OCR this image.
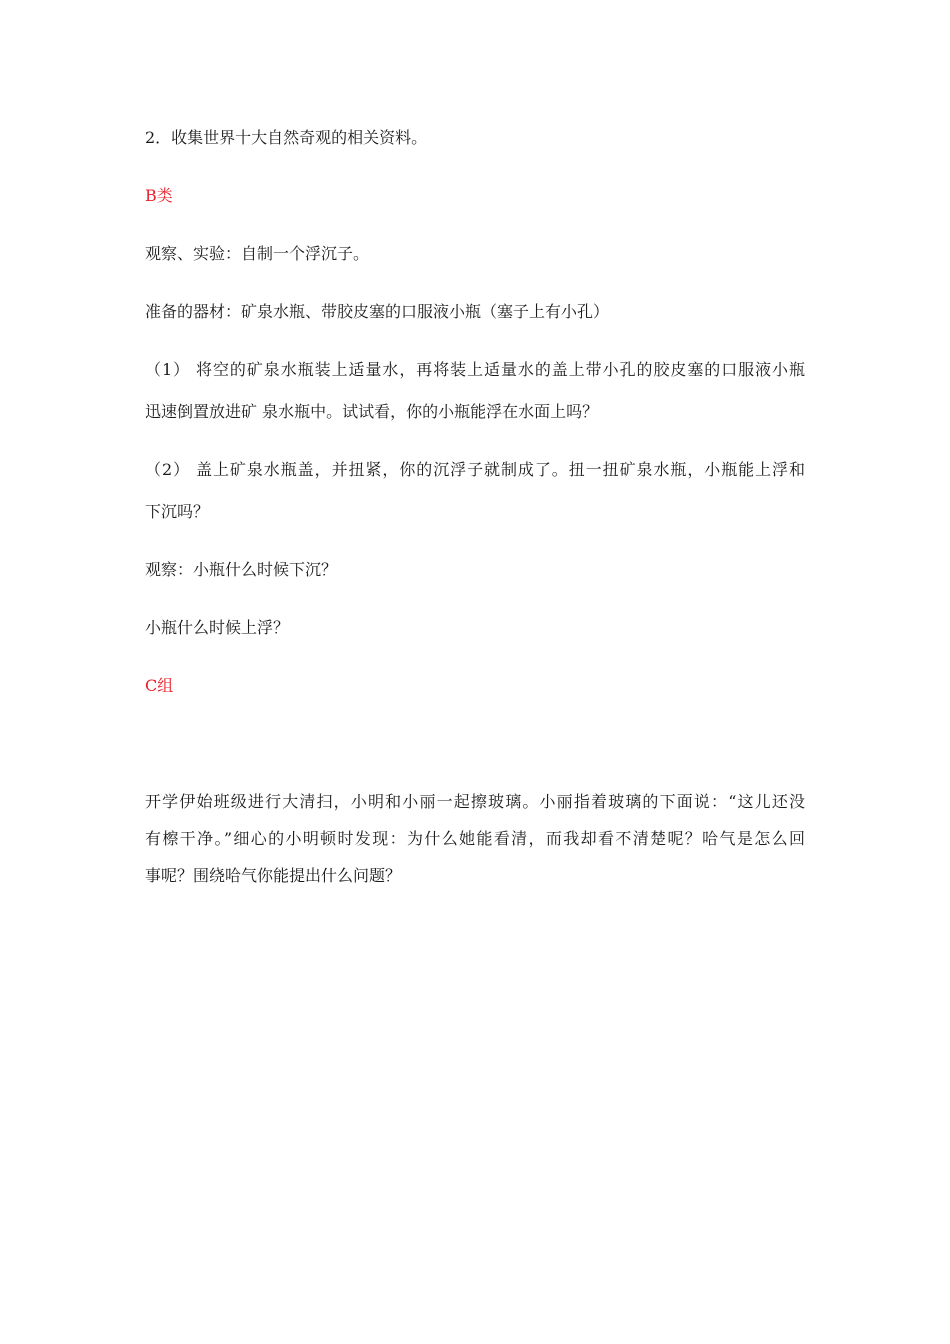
2．收集世界十大自然奇观的相关资料。
B类
观察、实验：自制一个浮沉子。
准备的器材：矿泉水瓶、带胶皮塞的口服液小瓶（塞子上有小孔）
（1） 将空的矿泉水瓶装上适量水，再将装上适量水的盖上带小孔的胶皮塞的口服液小瓶
迅速倒置放进矿 泉水瓶中。试试看，你的小瓶能浮在水面上吗？
（2） 盖上矿泉水瓶盖，并扭紧，你的沉浮子就制成了。扭一扭矿泉水瓶，小瓶能上浮和
下沉吗？
观察：小瓶什么时候下沉？
小瓶什么时候上浮？
C组
开学伊始班级进行大清扫，小明和小丽一起擦玻璃。小丽指着玻璃的下面说：“这儿还没
有檫干净。”细心的小明顿时发现：为什么她能看清，而我却看不清楚呢？哈气是怎么回
事呢？围绕哈气你能提出什么问题？
